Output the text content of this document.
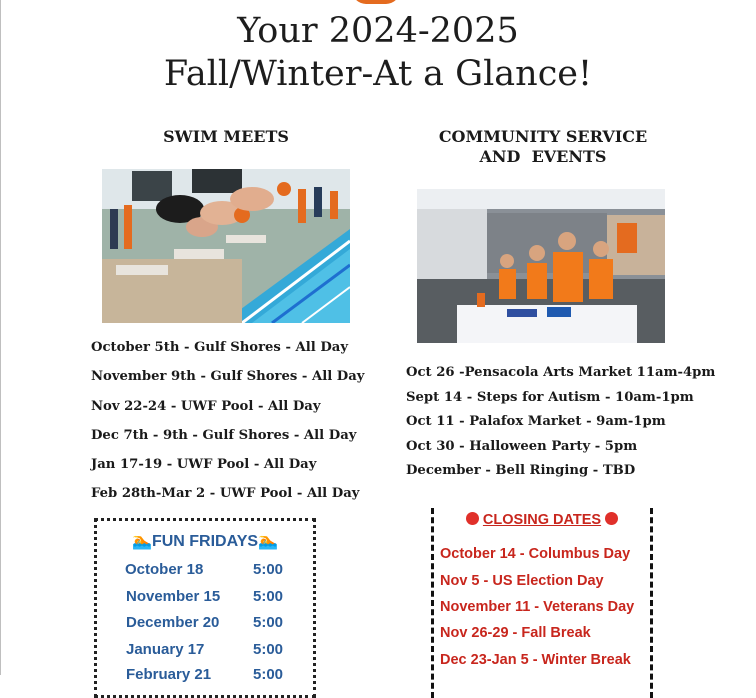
Your 2024-2025
Fall/Winter-At a Glance!
SWIM MEETS
October 5th - Gulf Shores - All Day
November 9th - Gulf Shores - All Day
Nov 22-24 - UWF Pool - All Day
Dec 7th - 9th - Gulf Shores - All Day
Jan 17-19 - UWF Pool - All Day
Feb 28th-Mar 2 - UWF Pool - All Day
COMMUNITY SERVICE
AND  EVENTS
Oct 26 -Pensacola Arts Market 11am-4pm
Sept 14 - Steps for Autism - 10am-1pm
Oct 11 - Palafox Market - 9am-1pm
Oct 30 - Halloween Party - 5pm
December - Bell Ringing - TBD
🏊FUN FRIDAYS🏊
October 18	5:00
November 15 5:00
December 20 5:00
January 17	5:00
February 21	5:00
CLOSING DATES
October 14 - Columbus Day
Nov 5 - US Election Day
November 11 - Veterans Day
Nov 26-29 - Fall Break
Dec 23-Jan 5 - Winter Break
